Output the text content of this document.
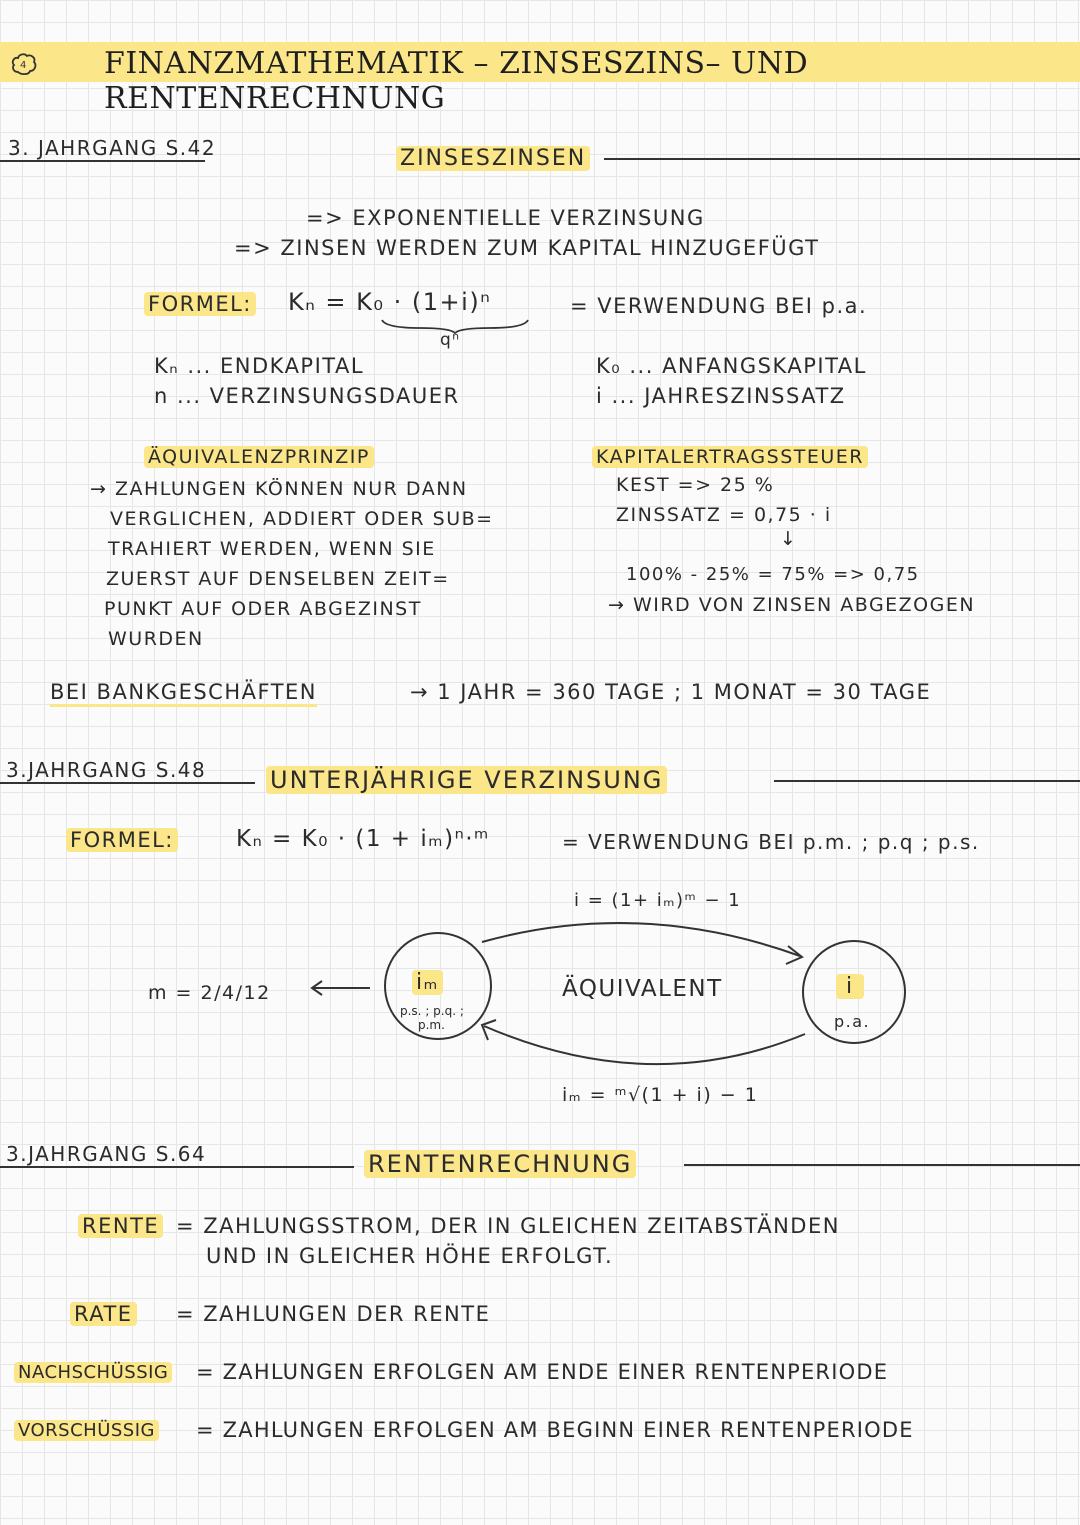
4	FINANZMATHEMATIK – ZINSESZINS– UND RENTENRECHNUNG
3. JAHRGANG S.42	ZINSESZINSEN
=> EXPONENTIELLE VERZINSUNG
=> ZINSEN WERDEN ZUM KAPITAL HINZUGEFÜGT
FORMEL: Kₙ = K₀ · (1+i)ⁿ
qⁿ
= VERWENDUNG BEI p.a.
Kₙ ... ENDKAPITAL
n ... VERZINSUNGSDAUER
K₀ ... ANFANGSKAPITAL
i ... JAHRESZINSSATZ
ÄQUIVALENZPRINZIP
→ ZAHLUNGEN KÖNNEN NUR DANN
VERGLICHEN, ADDIERT ODER SUB=
TRAHIERT WERDEN, WENN SIE
ZUERST AUF DENSELBEN ZEIT=
PUNKT AUF ODER ABGEZINST
WURDEN
KAPITALERTRAGSSTEUER
KEST => 25 %
ZINSSATZ = 0,75 · i
↓
100% - 25% = 75% => 0,75
→ WIRD VON ZINSEN ABGEZOGEN
BEI BANKGESCHÄFTEN	→ 1 JAHR = 360 TAGE ; 1 MONAT = 30 TAGE
3.JAHRGANG S.48	UNTERJÄHRIGE VERZINSUNG
FORMEL:	Kₙ = K₀ · (1 + iₘ)ⁿ·ᵐ	= VERWENDUNG BEI p.m. ; p.q ; p.s.
i = (1+ iₘ)ᵐ − 1
m = 2/4/12	iₘ
p.s. ; p.q. ;
p.m.
ÄQUIVALENT	i
p.a.
iₘ = ᵐ√(1 + i) − 1
3.JAHRGANG S.64	RENTENRECHNUNG
RENTE = ZAHLUNGSSTROM, DER IN GLEICHEN ZEITABSTÄNDEN
UND IN GLEICHER HÖHE ERFOLGT.
RATE = ZAHLUNGEN DER RENTE
NACHSCHÜSSIG = ZAHLUNGEN ERFOLGEN AM ENDE EINER RENTENPERIODE
VORSCHÜSSIG = ZAHLUNGEN ERFOLGEN AM BEGINN EINER RENTENPERIODE
